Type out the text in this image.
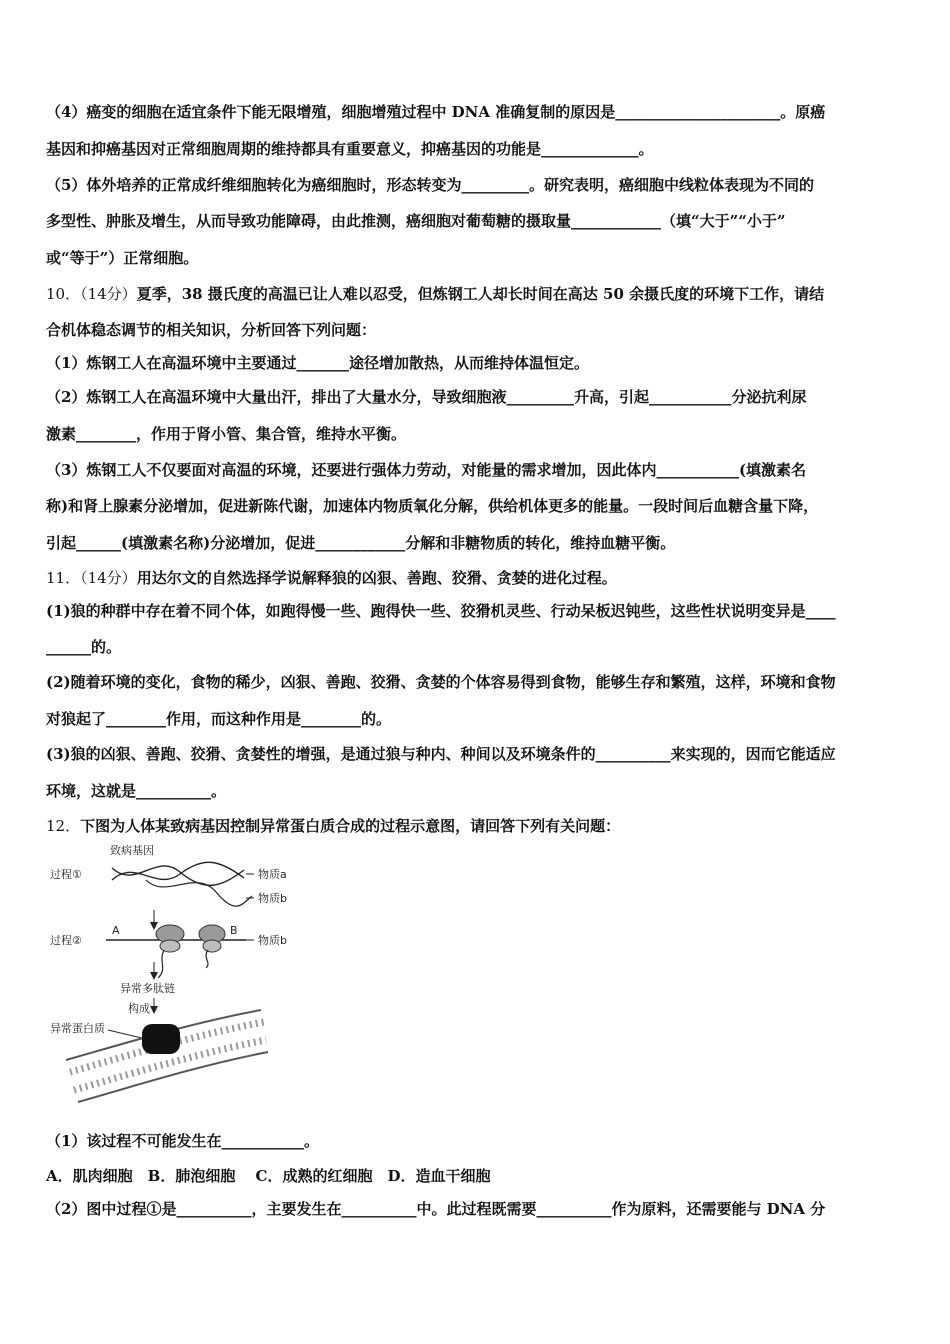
（4）癌变的细胞在适宜条件下能无限增殖，细胞增殖过程中 DNA 准确复制的原因是______________________。原癌
基因和抑癌基因对正常细胞周期的维持都具有重要意义，抑癌基因的功能是_____________。
（5）体外培养的正常成纤维细胞转化为癌细胞时，形态转变为_________。研究表明，癌细胞中线粒体表现为不同的
多型性、肿胀及增生，从而导致功能障碍，由此推测，癌细胞对葡萄糖的摄取量____________（填“大于”“小于”
或“等于”）正常细胞。
10．（14分）夏季，38 摄氏度的高温已让人难以忍受，但炼钢工人却长时间在高达 50 余摄氏度的环境下工作，请结
合机体稳态调节的相关知识，分析回答下列问题：
（1）炼钢工人在高温环境中主要通过_______途径增加散热，从而维持体温恒定。
（2）炼钢工人在高温环境中大量出汗，排出了大量水分，导致细胞液_________升高，引起___________分泌抗利尿
激素________，作用于肾小管、集合管，维持水平衡。
（3）炼钢工人不仅要面对高温的环境，还要进行强体力劳动，对能量的需求增加，因此体内___________(填激素名
称)和肾上腺素分泌增加，促进新陈代谢，加速体内物质氧化分解，供给机体更多的能量。一段时间后血糖含量下降，
引起______(填激素名称)分泌增加，促进____________分解和非糖物质的转化，维持血糖平衡。
11．（14分）用达尔文的自然选择学说解释狼的凶狠、善跑、狡猾、贪婪的进化过程。
(1)狼的种群中存在着不同个体，如跑得慢一些、跑得快一些、狡猾机灵些、行动呆板迟钝些，这些性状说明变异是____
______的。
(2)随着环境的变化，食物的稀少，凶狠、善跑、狡猾、贪婪的个体容易得到食物，能够生存和繁殖，这样，环境和食物
对狼起了________作用，而这种作用是________的。
(3)狼的凶狠、善跑、狡猾、贪婪性的增强，是通过狼与种内、种间以及环境条件的__________来实现的，因而它能适应
环境，这就是__________。
12．下图为人体某致病基因控制异常蛋白质合成的过程示意图，请回答下列有关问题：
致病基因
过程①	物质a
物质b
过程②
A	B
物质b
异常多肽链
构成
异常蛋白质
（1）该过程不可能发生在___________。
A．肌肉细胞　B．肺泡细胞　 C．成熟的红细胞　D．造血干细胞
（2）图中过程①是__________，主要发生在__________中。此过程既需要__________作为原料，还需要能与 DNA 分
